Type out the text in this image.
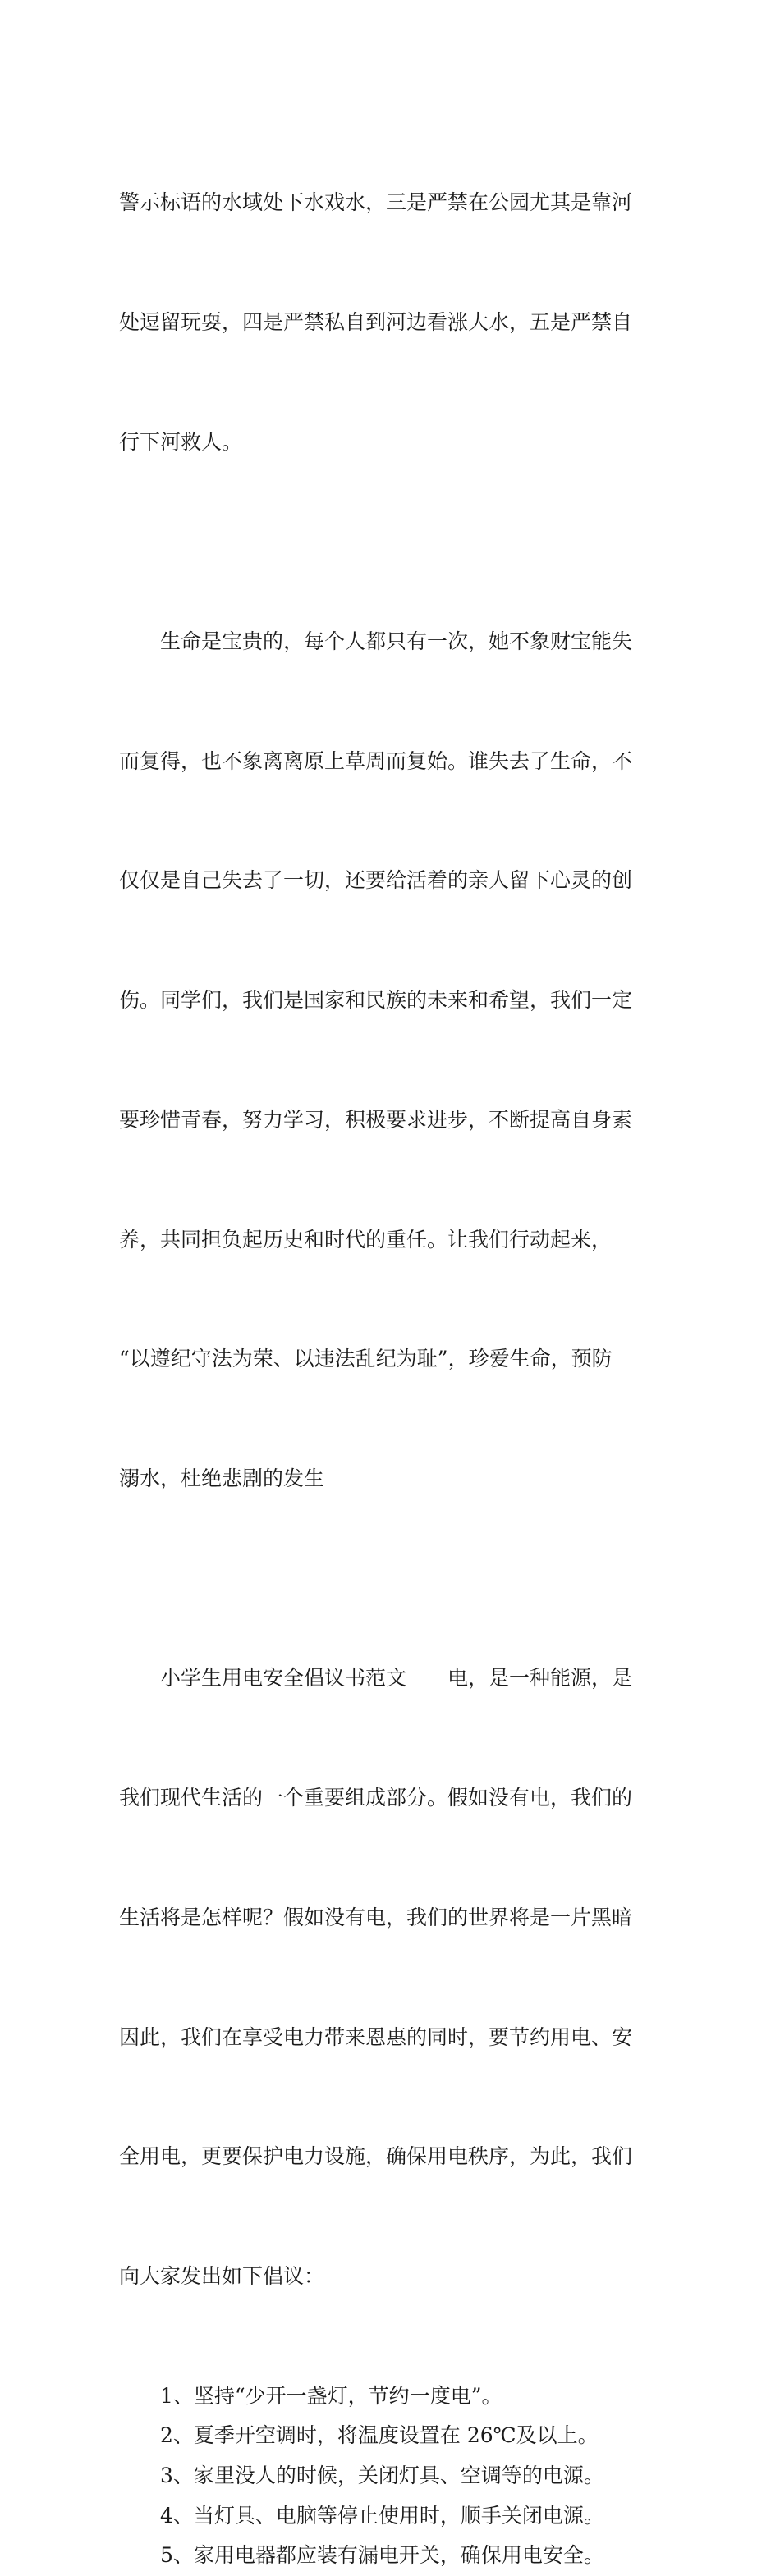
警示标语的水域处下水戏水，三是严禁在公园尤其是靠河

处逗留玩耍，四是严禁私自到河边看涨大水，五是严禁自

行下河救人。

生命是宝贵的，每个人都只有一次，她不象财宝能失

而复得，也不象离离原上草周而复始。谁失去了生命，不

仅仅是自己失去了一切，还要给活着的亲人留下心灵的创

伤。同学们，我们是国家和民族的未来和希望，我们一定

要珍惜青春，努力学习，积极要求进步，不断提高自身素

养，共同担负起历史和时代的重任。让我们行动起来，

“以遵纪守法为荣、以违法乱纪为耻”，珍爱生命，预防

溺水，杜绝悲剧的发生

小学生用电安全倡议书范文　　电，是一种能源，是

我们现代生活的一个重要组成部分。假如没有电，我们的

生活将是怎样呢？假如没有电，我们的世界将是一片黑暗

因此，我们在享受电力带来恩惠的同时，要节约用电、安

全用电，更要保护电力设施，确保用电秩序，为此，我们

向大家发出如下倡议：

1、坚持“少开一盏灯，节约一度电”。

2、夏季开空调时，将温度设置在 26℃及以上。

3、家里没人的时候，关闭灯具、空调等的电源。

4、当灯具、电脑等停止使用时，顺手关闭电源。

5、家用电器都应装有漏电开关，确保用电安全。
